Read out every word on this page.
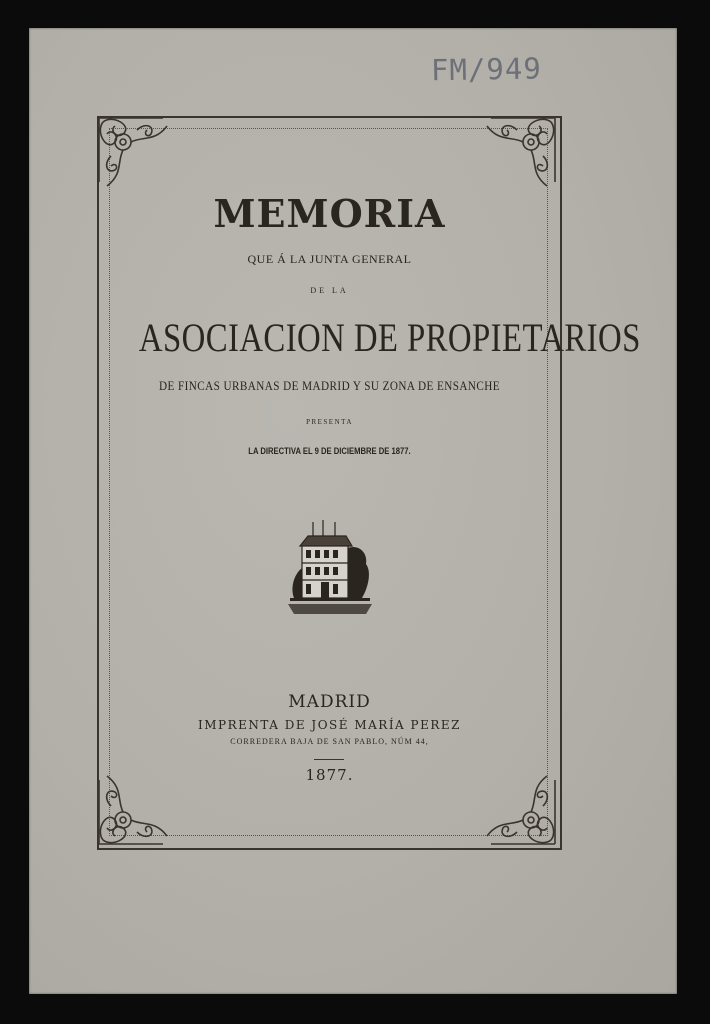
FM/949
MEMORIA
QUE Á LA JUNTA GENERAL
DE LA
ASOCIACION DE PROPIETARIOS
DE FINCAS URBANAS DE MADRID Y SU ZONA DE ENSANCHE
PRESENTA
LA DIRECTIVA EL 9 DE DICIEMBRE DE 1877.
MADRID
IMPRENTA DE JOSÉ MARÍA PEREZ
CORREDERA BAJA DE SAN PABLO, NÚM 44,
1877.
